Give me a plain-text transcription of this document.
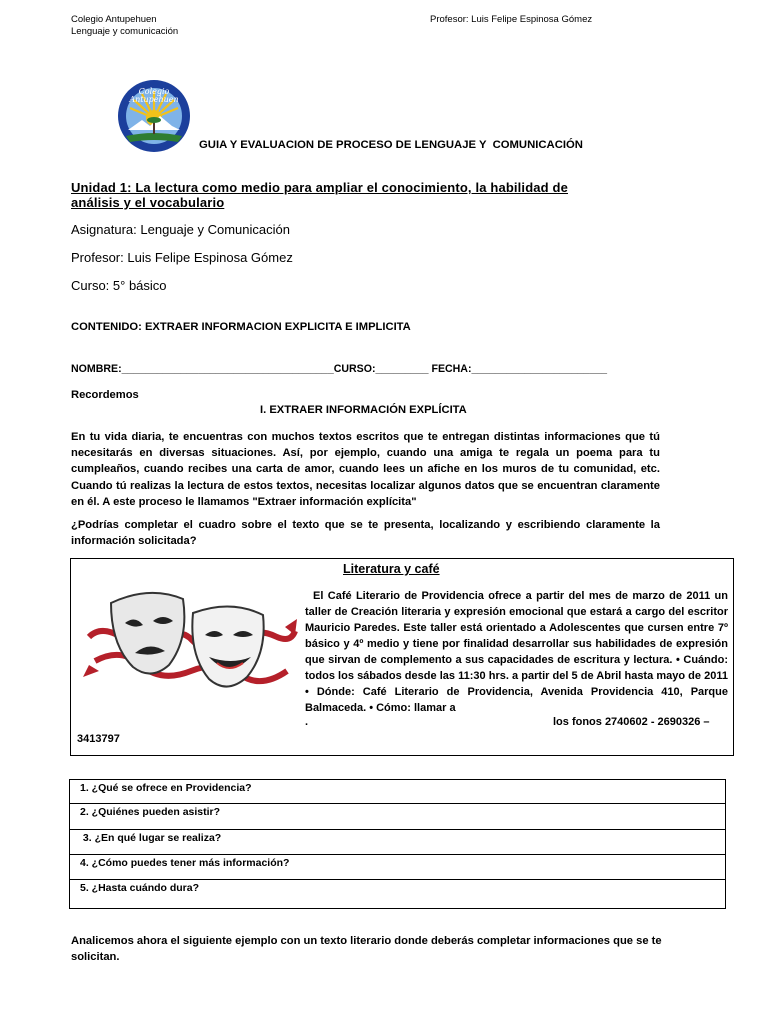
Colegio Antupehuen
Lenguaje y comunicación
Profesor: Luis Felipe Espinosa Gómez
Colegio
Antupehuen
GUIA Y EVALUACION DE PROCESO DE LENGUAJE Y  COMUNICACIÓN
Unidad 1: La lectura como medio para ampliar el conocimiento, la habilidad de
análisis y el vocabulario
Asignatura: Lenguaje y Comunicación
Profesor: Luis Felipe Espinosa Gómez
Curso: 5° básico
CONTENIDO: EXTRAER INFORMACION EXPLICITA E IMPLICITA
NOMBRE:____________________________________CURSO:_________ FECHA:_______________________
Recordemos
I. EXTRAER INFORMACIÓN EXPLÍCITA
En tu vida diaria, te encuentras con muchos textos escritos que te entregan distintas informaciones que tú necesitarás en diversas situaciones. Así, por ejemplo, cuando una amiga te regala un poema para tu cumpleaños, cuando recibes una carta de amor, cuando lees un afiche en los muros de tu comunidad, etc. Cuando tú realizas la lectura de estos textos, necesitas localizar algunos datos que se encuentran claramente en él. A este proceso le llamamos "Extraer información explícita"
¿Podrías completar el cuadro sobre el texto que se te presenta, localizando y escribiendo claramente la información solicitada?
Literatura y café
El Café Literario de Providencia ofrece a partir del mes de marzo de 2011 un taller de Creación literaria y expresión emocional que estará a cargo del escritor Mauricio Paredes. Este taller está orientado a Adolescentes que cursen entre 7º básico y 4º medio y tiene por finalidad desarrollar sus habilidades de expresión que sirvan de complemento a sus capacidades de escritura y lectura. • Cuándo: todos los sábados desde las 11:30 hrs. a partir del 5 de Abril hasta mayo de 2011 • Dónde: Café Literario de Providencia, Avenida Providencia 410, Parque Balmaceda. • Cómo: llamar a
.	los fonos 2740602 - 2690326 –
3413797
1. ¿Qué se ofrece en Providencia?
2. ¿Quiénes pueden asistir?
3. ¿En qué lugar se realiza?
4. ¿Cómo puedes tener más información?
5. ¿Hasta cuándo dura?
Analicemos ahora el siguiente ejemplo con un texto literario donde deberás completar informaciones que se te solicitan.
